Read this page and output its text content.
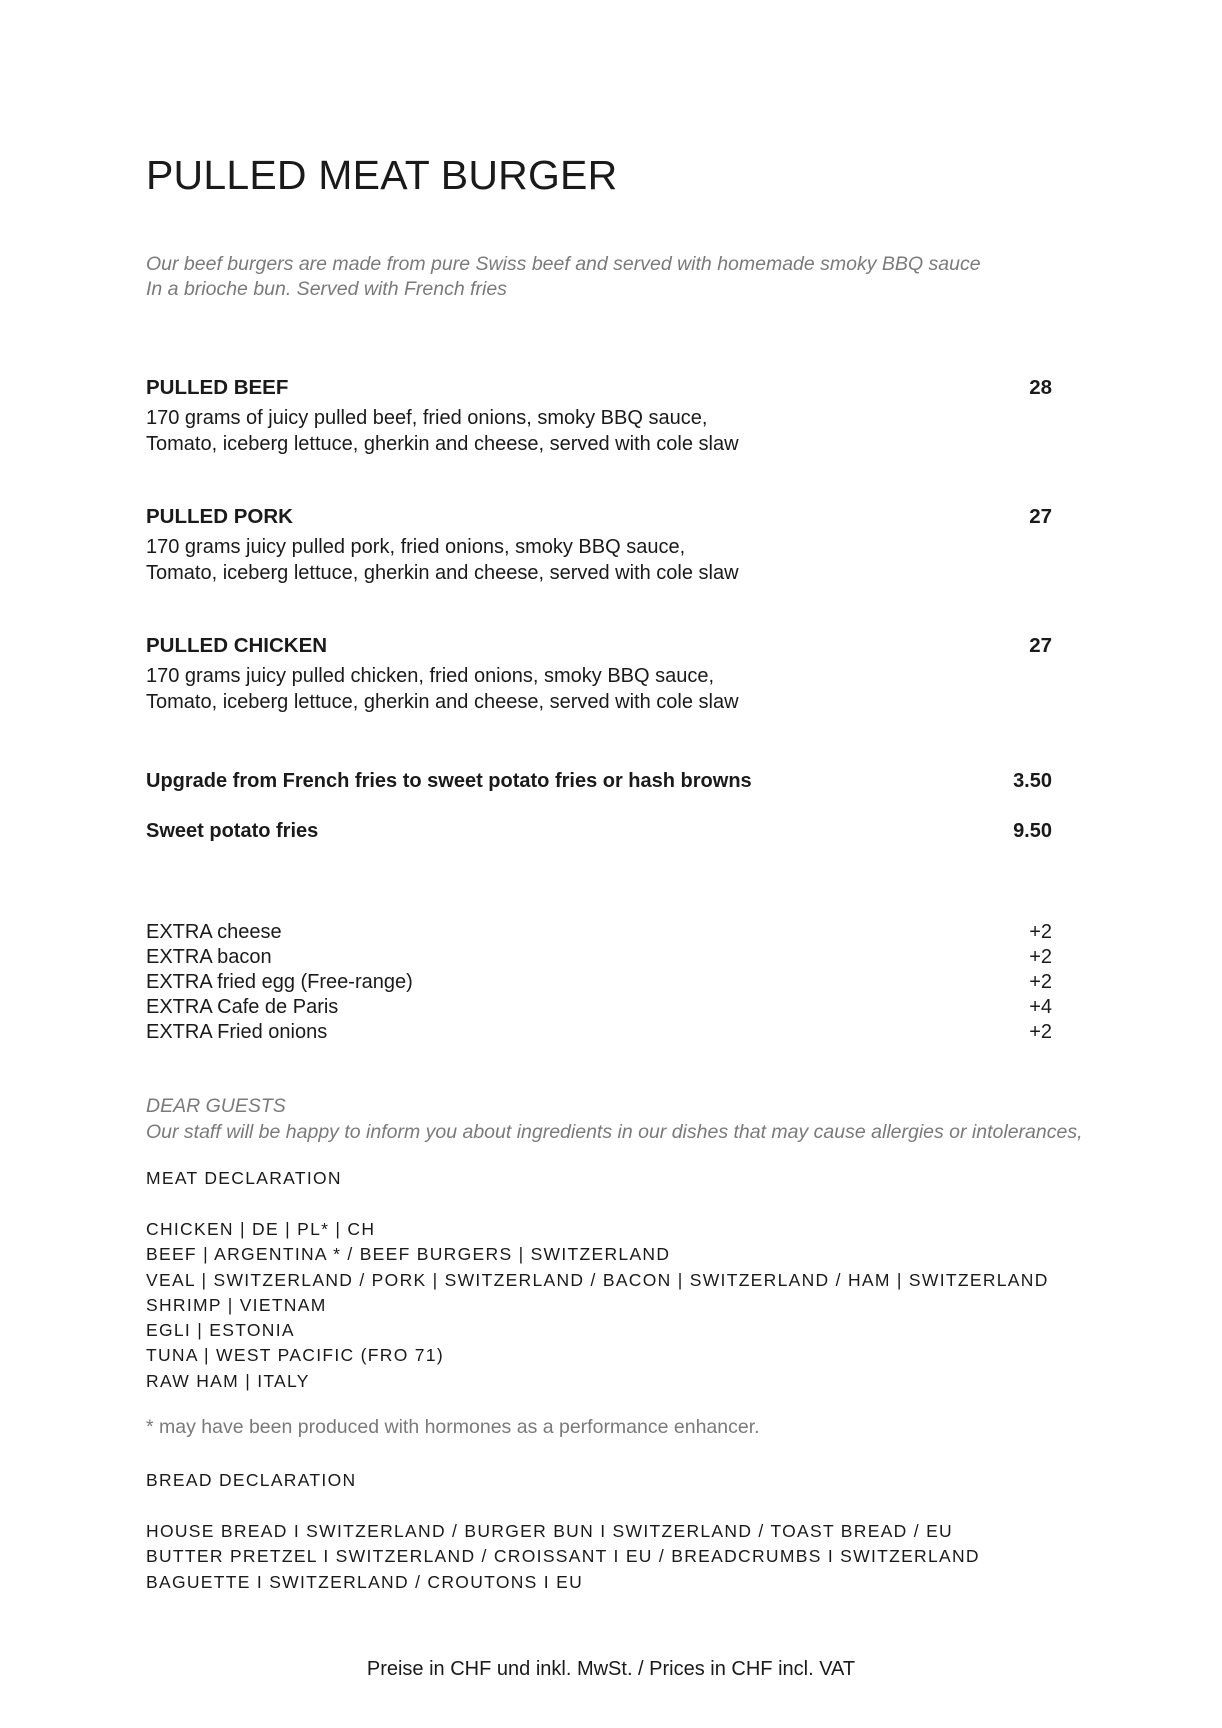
PULLED MEAT BURGER
Our beef burgers are made from pure Swiss beef and served with homemade smoky BBQ sauce
In a brioche bun. Served with French fries
PULLED BEEF	28
170 grams of juicy pulled beef, fried onions, smoky BBQ sauce,
Tomato, iceberg lettuce, gherkin and cheese, served with cole slaw
PULLED PORK	27
170 grams juicy pulled pork, fried onions, smoky BBQ sauce,
Tomato, iceberg lettuce, gherkin and cheese, served with cole slaw
PULLED CHICKEN	27
170 grams juicy pulled chicken, fried onions, smoky BBQ sauce,
Tomato, iceberg lettuce, gherkin and cheese, served with cole slaw
Upgrade from French fries to sweet potato fries or hash browns	3.50
Sweet potato fries	9.50
EXTRA cheese	+2
EXTRA bacon	+2
EXTRA fried egg (Free-range)	+2
EXTRA Cafe de Paris	+4
EXTRA Fried onions	+2
DEAR GUESTS
Our staff will be happy to inform you about ingredients in our dishes that may cause allergies or intolerances,
MEAT DECLARATION
CHICKEN | DE | PL* | CH
BEEF | ARGENTINA * / BEEF BURGERS | SWITZERLAND
VEAL | SWITZERLAND / PORK | SWITZERLAND / BACON | SWITZERLAND / HAM | SWITZERLAND
SHRIMP | VIETNAM
EGLI | ESTONIA
TUNA | WEST PACIFIC (FRO 71)
RAW HAM | ITALY
* may have been produced with hormones as a performance enhancer.
BREAD DECLARATION
HOUSE BREAD I SWITZERLAND / BURGER BUN I SWITZERLAND / TOAST BREAD / EU
BUTTER PRETZEL I SWITZERLAND / CROISSANT I EU / BREADCRUMBS I SWITZERLAND
BAGUETTE I SWITZERLAND / CROUTONS I EU
Preise in CHF und inkl. MwSt. / Prices in CHF incl. VAT
